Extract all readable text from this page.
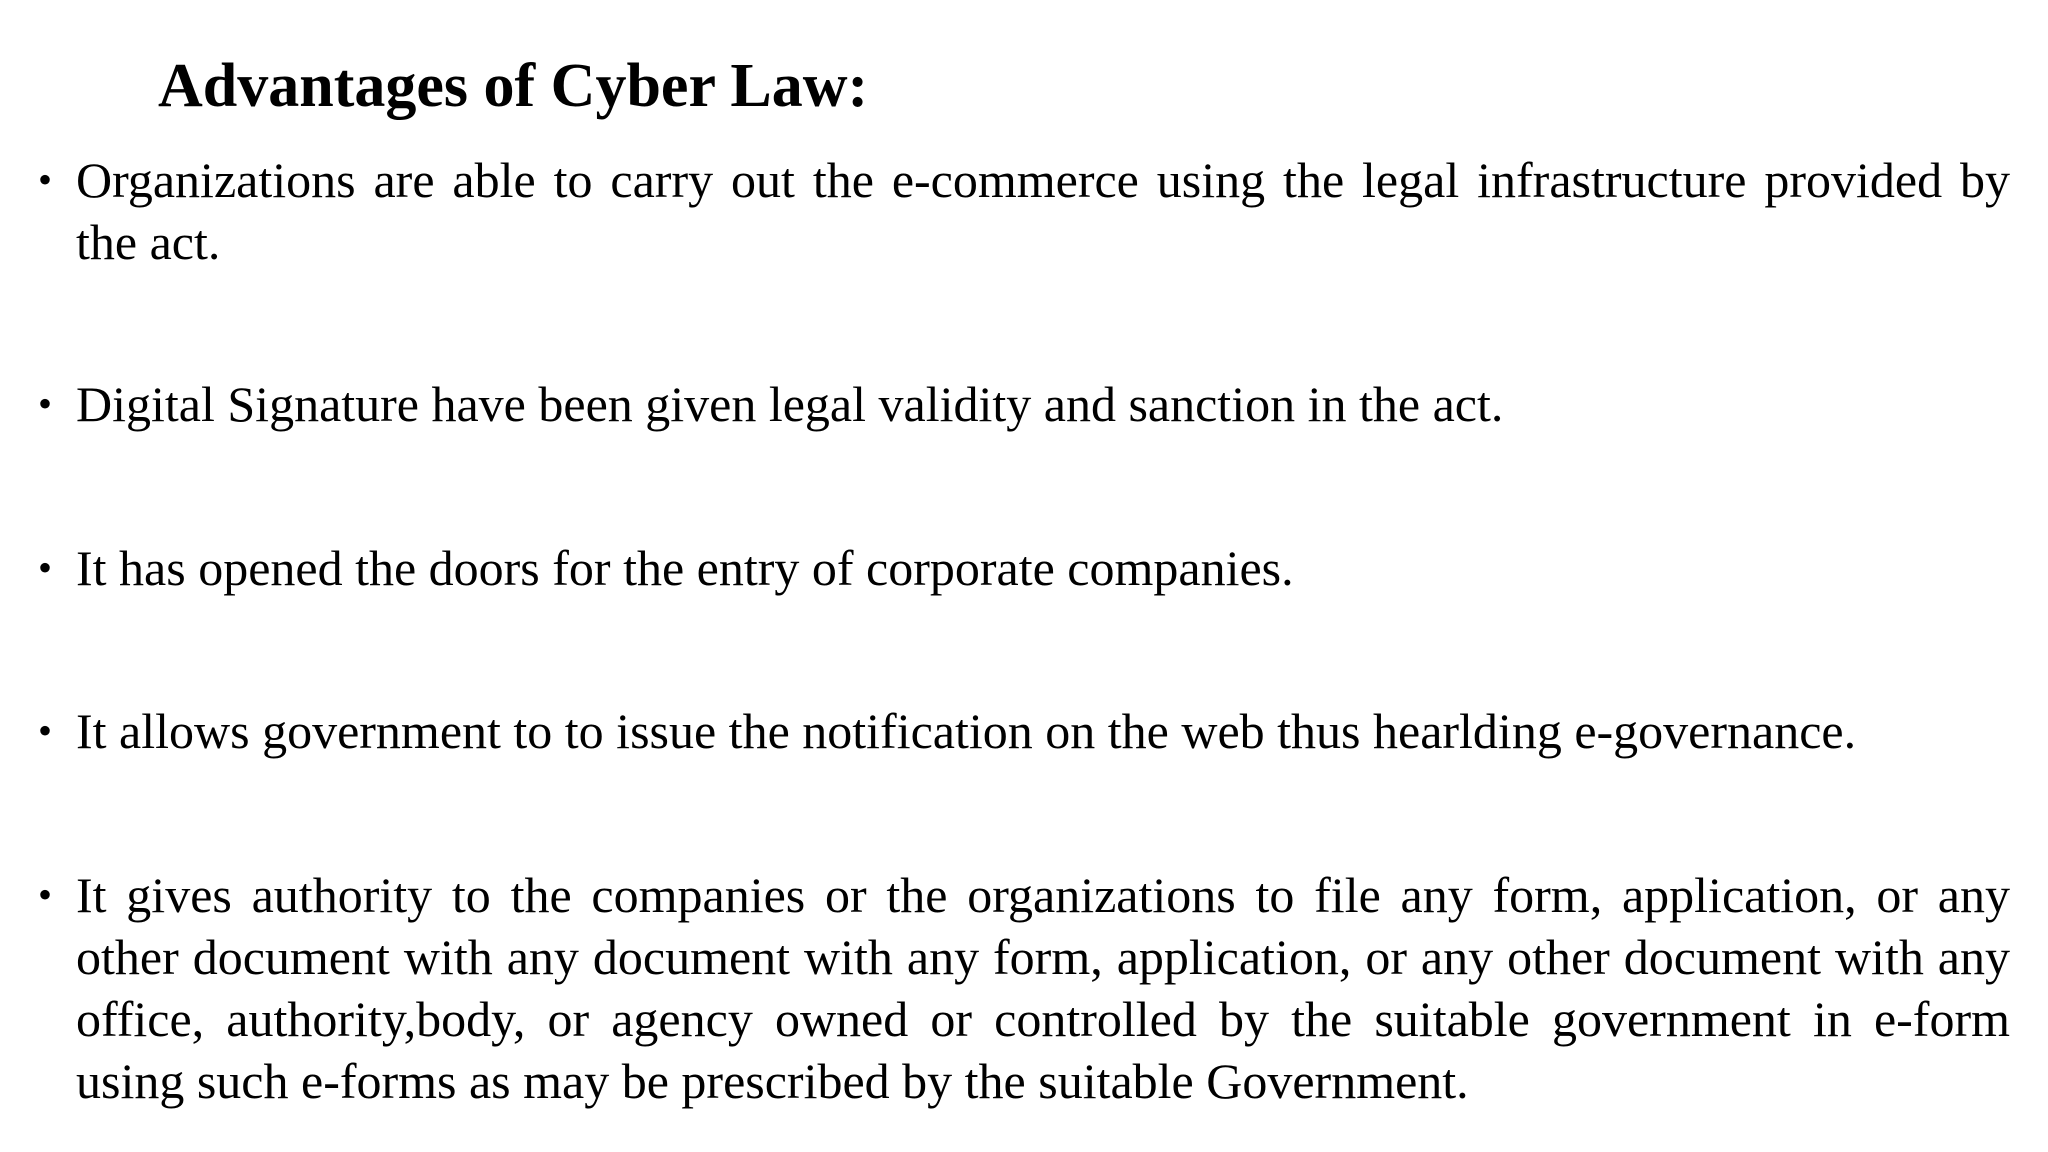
Advantages of Cyber Law:
• Organizations are able to carry out the e-commerce using the legal infrastructure provided by the act.
• Digital Signature have been given legal validity and sanction in the act.
• It has opened the doors for the entry of corporate companies.
• It allows government to to issue the notification on the web thus hearlding e-governance.
• It gives authority to the companies or the organizations to file any form, application, or any other document with any document with any form, application, or any other document with any office, authority,body, or agency owned or controlled by the suitable government in e-form using such e-forms as may be prescribed by the suitable Government.
